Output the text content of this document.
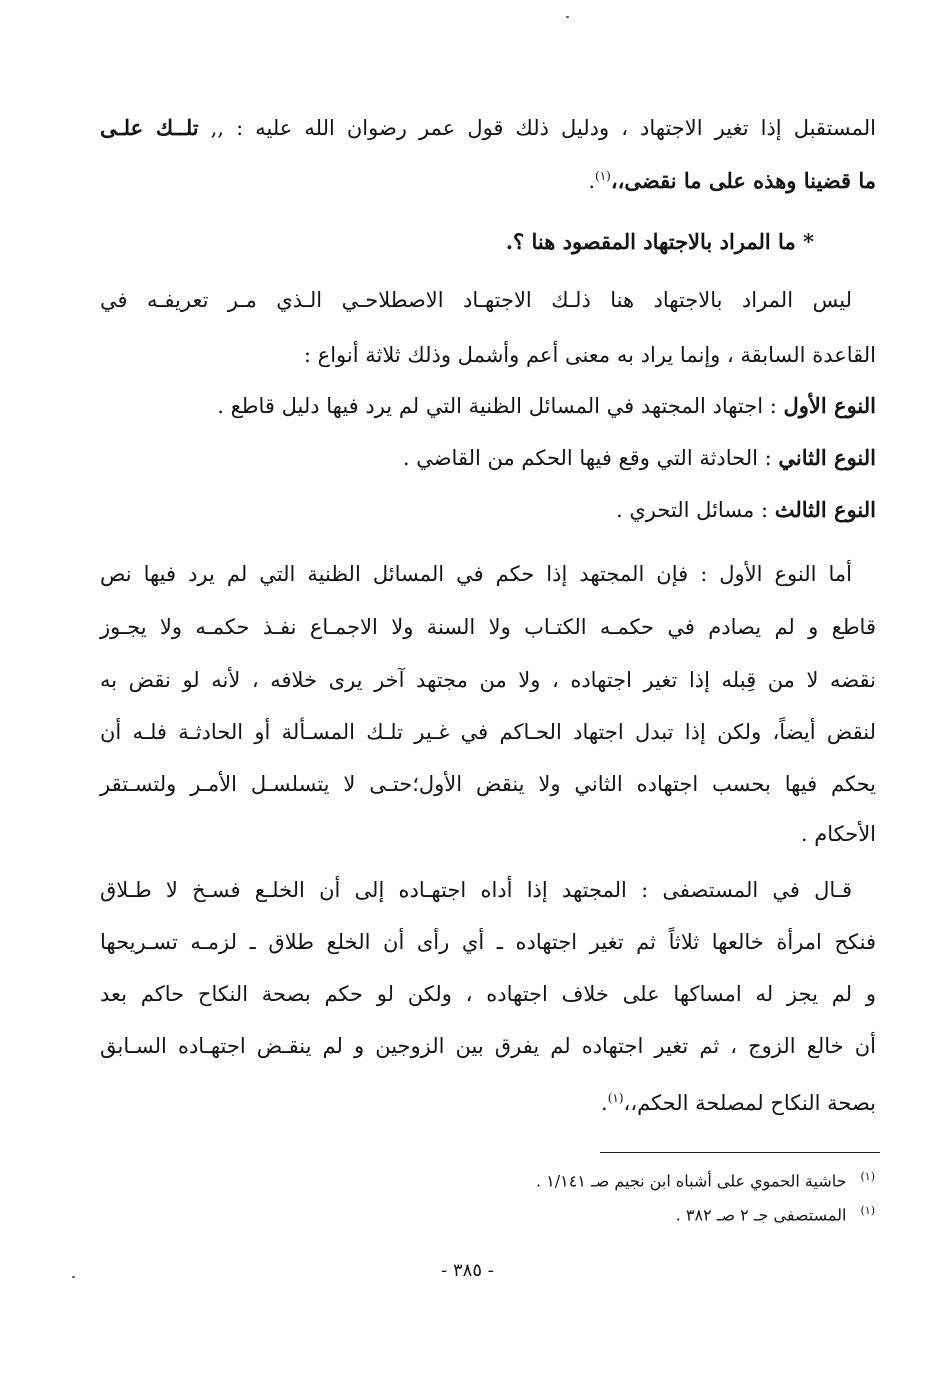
المستقبل إذا تغير الاجتهاد ، ودليل ذلك قول عمر رضوان الله عليه : ,, تلــك علـى
ما قضينا وهذه على ما نقضى،،$^{(١)}$.
* ما المراد بالاجتهاد المقصود هنا ؟.
ليس المراد بالاجتهاد هنا ذلـك الاجتهـاد الاصطلاحـي الـذي مـر تعريفـه في
القاعدة السابقة ، وإنما يراد به معنى أعم وأشمل وذلك ثلاثة أنواع :
النوع الأول : اجتهاد المجتهد في المسائل الظنية التي لم يرد فيها دليل قاطع .
النوع الثاني : الحادثة التي وقع فيها الحكم من القاضي .
النوع الثالث : مسائل التحري .
أما النوع الأول : فإن المجتهد إذا حكم في المسائل الظنية التي لم يرد فيها نص
قاطع و لم يصادم في حكمـه الكتـاب ولا السنة ولا الاجمـاع نفـذ حكمـه ولا يجـوز
نقضه لا من قِبله إذا تغير اجتهاده ، ولا من مجتهد آخر يرى خلافه ، لأنه لو نقض به
لنقض أيضاً، ولكن إذا تبدل اجتهاد الحـاكم في غـير تلـك المسـألة أو الحادثـة فلـه أن
يحكم فيها بحسب اجتهاده الثاني ولا ينقض الأول؛حتـى لا يتسلسـل الأمـر ولتسـتقر
الأحكام .
قـال في المستصفى : المجتهد إذا أداه اجتهـاده إلى أن الخلـع فسـخ لا طـلاق
فنكح امرأة خالعها ثلاثاً ثم تغير اجتهاده ـ أي رأى أن الخلع طلاق ـ لزمـه تسـريحها
و لم يجز له امساكها على خلاف اجتهاده ، ولكن لو حكم بصحة النكاح حاكم بعد
أن خالع الزوج ، ثم تغير اجتهاده لم يفرق بين الزوجين و لم ينقـض اجتهـاده السـابق
بصحة النكاح لمصلحة الحكم،،$^{(١)}$.
$^{(١)}$حاشية الحموي على أشباه ابن نجيم صـ ١/١٤١ .
$^{(١)}$المستصفى جـ ٢ صـ ٣٨٢ .
- ٣٨٥ -
